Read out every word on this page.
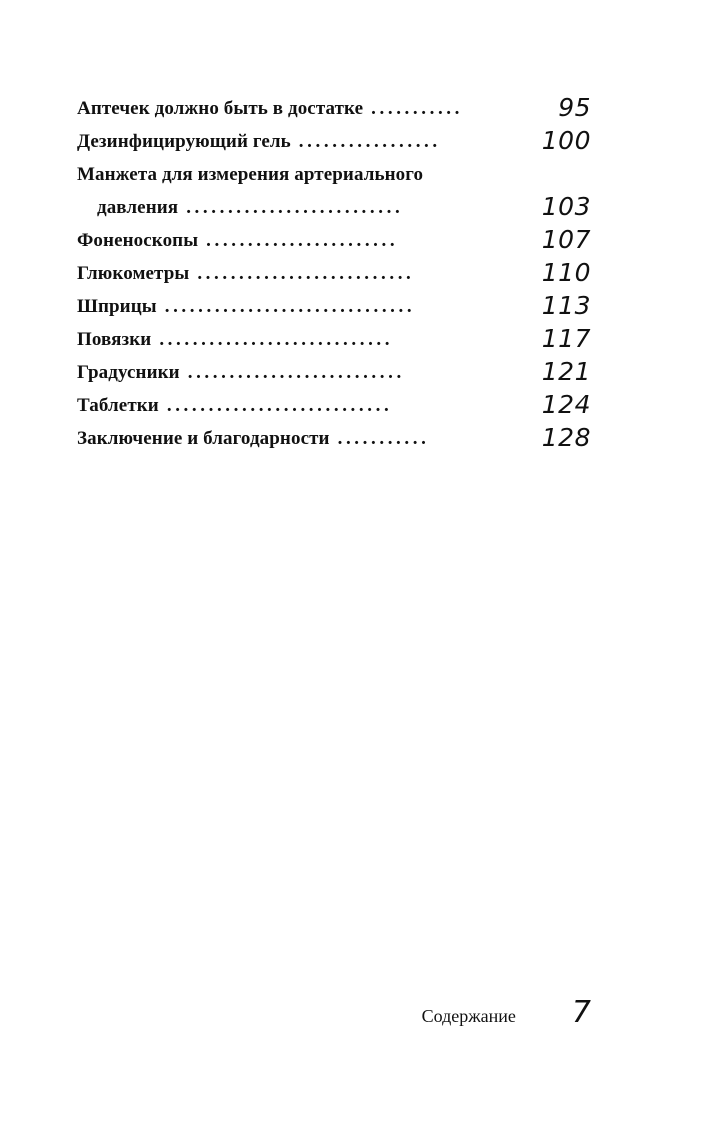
Аптечек должно быть в достатке ...........	95
Дезинфицирующий гель .................	100
Манжета для измерения артериального
давления ..........................	103
Фоненоскопы .......................	107
Глюкометры ..........................	110
Шприцы ..............................	113
Повязки ............................	117
Градусники ..........................	121
Таблетки ...........................	124
Заключение и благодарности ...........	128
Содержание 7
